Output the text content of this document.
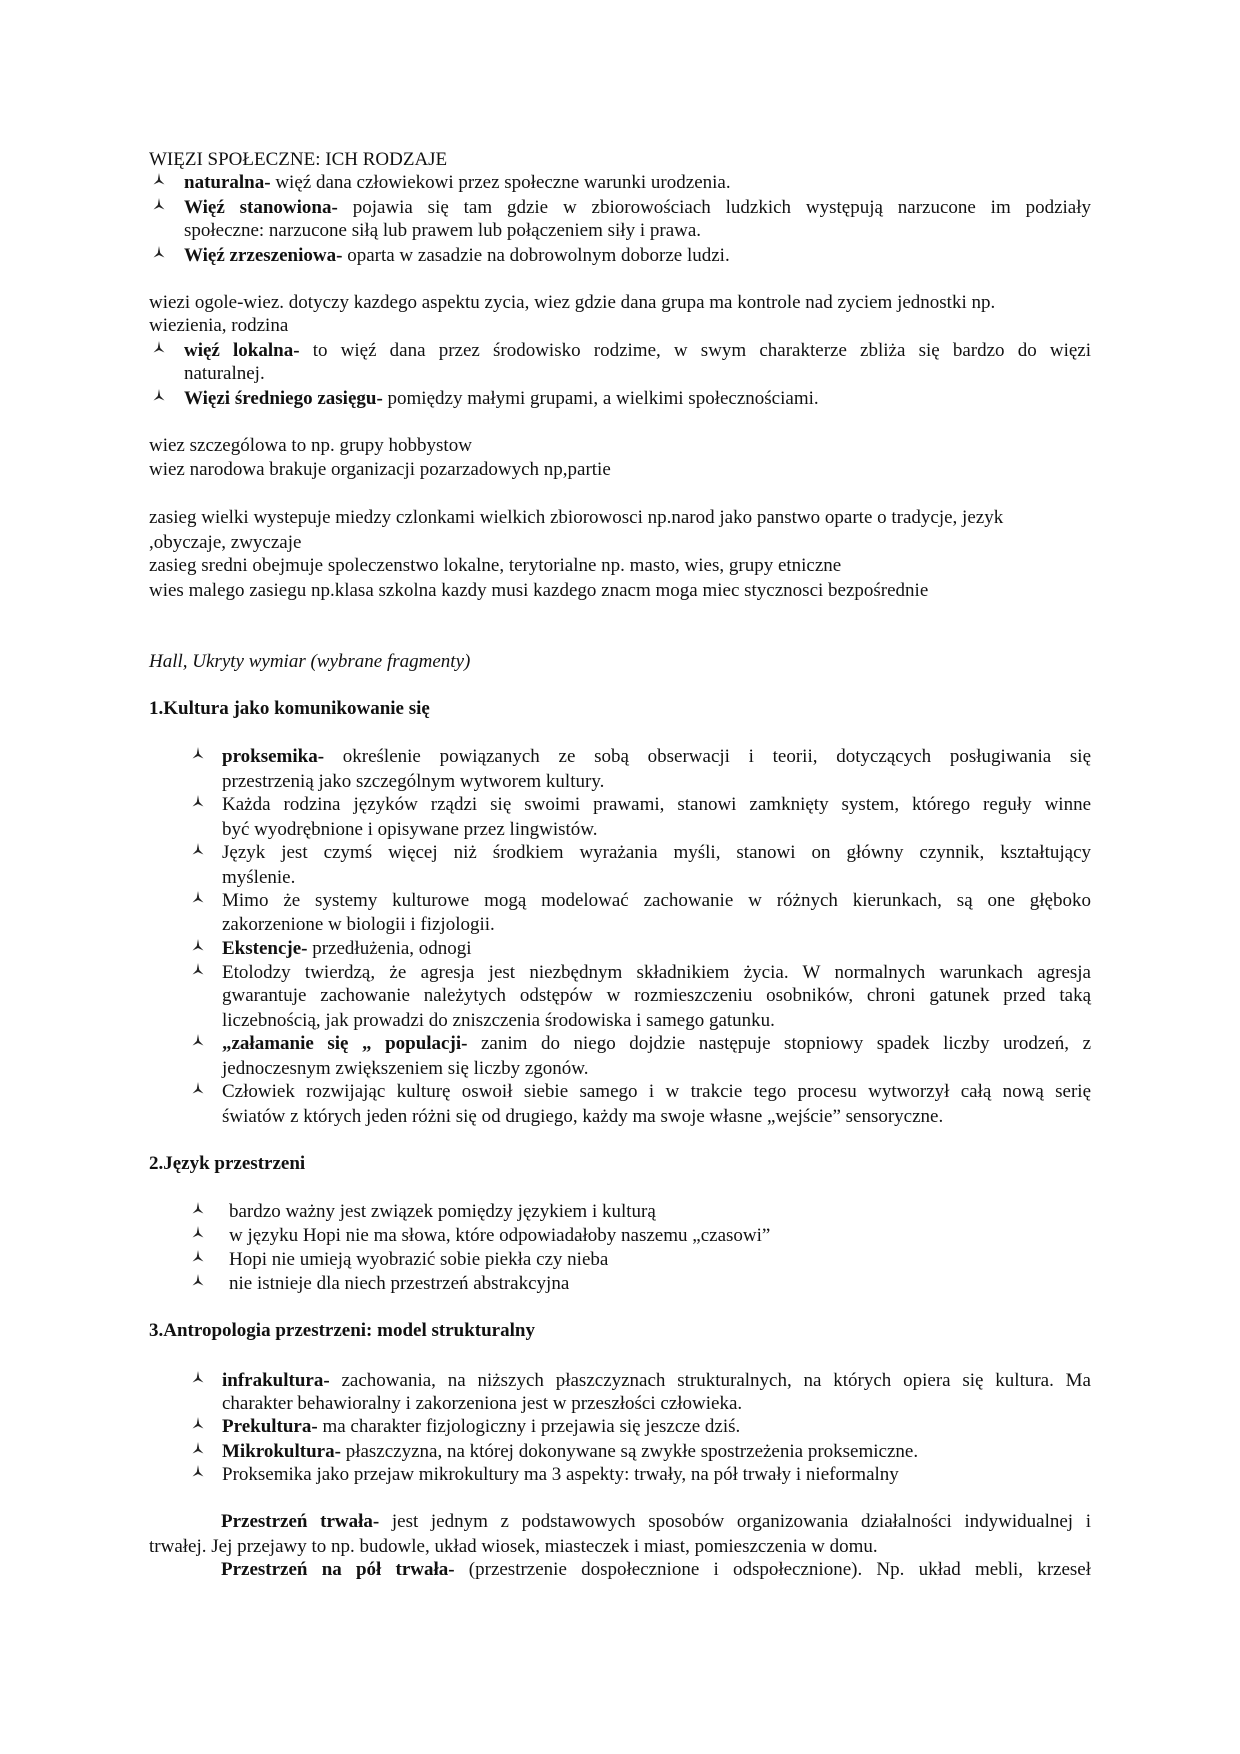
WIĘZI SPOŁECZNE: ICH RODZAJE
naturalna- więź dana człowiekowi przez społeczne warunki urodzenia.
Więź stanowiona- pojawia się tam gdzie w zbiorowościach ludzkich występują narzucone im podziały
społeczne: narzucone siłą lub prawem lub połączeniem siły i prawa.
Więź zrzeszeniowa- oparta w zasadzie na dobrowolnym doborze ludzi.
wiezi ogole-wiez. dotyczy kazdego aspektu zycia, wiez gdzie dana grupa ma kontrole nad zyciem jednostki np.
wiezienia, rodzina
więź lokalna- to więź dana przez środowisko rodzime, w swym charakterze zbliża się bardzo do więzi
naturalnej.
Więzi średniego zasięgu- pomiędzy małymi grupami, a wielkimi społecznościami.
wiez szczególowa to np. grupy hobbystow
wiez narodowa brakuje organizacji pozarzadowych np,partie
zasieg wielki wystepuje miedzy czlonkami wielkich zbiorowosci np.narod jako panstwo oparte o tradycje, jezyk
,obyczaje, zwyczaje
zasieg sredni obejmuje spoleczenstwo lokalne, terytorialne np. masto, wies, grupy etniczne
wies malego zasiegu np.klasa szkolna kazdy musi kazdego znacm moga miec stycznosci bezpośrednie
Hall, Ukryty wymiar (wybrane fragmenty)
1.Kultura jako komunikowanie się
proksemika- określenie powiązanych ze sobą obserwacji i teorii, dotyczących posługiwania się
przestrzenią jako szczególnym wytworem kultury.
Każda rodzina języków rządzi się swoimi prawami, stanowi zamknięty system, którego reguły winne
być wyodrębnione i opisywane przez lingwistów.
Język jest czymś więcej niż środkiem wyrażania myśli, stanowi on główny czynnik, kształtujący
myślenie.
Mimo że systemy kulturowe mogą modelować zachowanie w różnych kierunkach, są one głęboko
zakorzenione w biologii i fizjologii.
Ekstencje- przedłużenia, odnogi
Etolodzy twierdzą, że agresja jest niezbędnym składnikiem życia. W normalnych warunkach agresja
gwarantuje zachowanie należytych odstępów w rozmieszczeniu osobników, chroni gatunek przed taką
liczebnością, jak prowadzi do zniszczenia środowiska i samego gatunku.
„załamanie się „ populacji- zanim do niego dojdzie następuje stopniowy spadek liczby urodzeń, z
jednoczesnym zwiększeniem się liczby zgonów.
Człowiek rozwijając kulturę oswoił siebie samego i w trakcie tego procesu wytworzył całą nową serię
światów z których jeden różni się od drugiego, każdy ma swoje własne „wejście” sensoryczne.
2.Język przestrzeni
bardzo ważny jest związek pomiędzy językiem i kulturą
w języku Hopi nie ma słowa, które odpowiadałoby naszemu „czasowi”
Hopi nie umieją wyobrazić sobie piekła czy nieba
nie istnieje dla niech przestrzeń abstrakcyjna
3.Antropologia przestrzeni: model strukturalny
infrakultura- zachowania, na niższych płaszczyznach strukturalnych, na których opiera się kultura. Ma
charakter behawioralny i zakorzeniona jest w przeszłości człowieka.
Prekultura- ma charakter fizjologiczny i przejawia się jeszcze dziś.
Mikrokultura- płaszczyzna, na której dokonywane są zwykłe spostrzeżenia proksemiczne.
Proksemika jako przejaw mikrokultury ma 3 aspekty: trwały, na pół trwały i nieformalny
Przestrzeń trwała- jest jednym z podstawowych sposobów organizowania działalności indywidualnej i
trwałej. Jej przejawy to np. budowle, układ wiosek, miasteczek i miast, pomieszczenia w domu.
Przestrzeń na pół trwała- (przestrzenie dospołecznione i odspołecznione). Np. układ mebli, krzeseł
